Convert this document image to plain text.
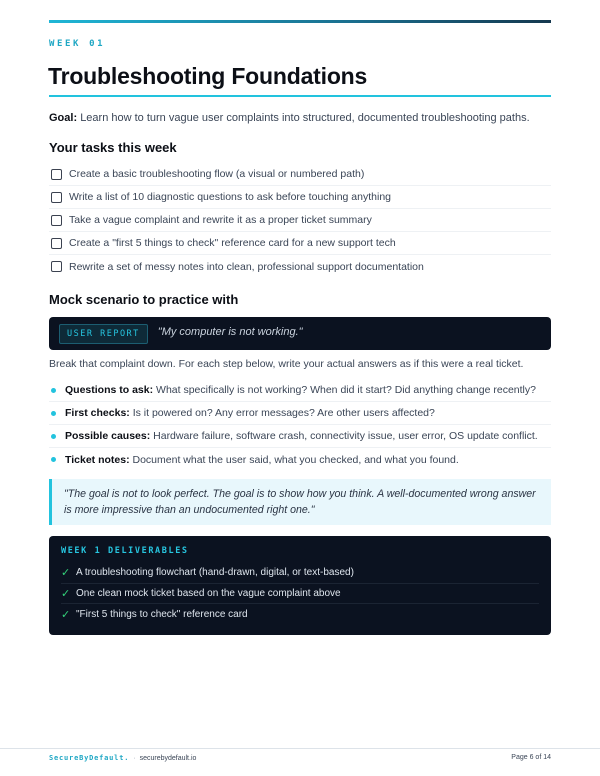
WEEK 01
Troubleshooting Foundations

Goal: Learn how to turn vague user complaints into structured, documented troubleshooting paths.

Your tasks this week
Create a basic troubleshooting flow (a visual or numbered path)
Write a list of 10 diagnostic questions to ask before touching anything
Take a vague complaint and rewrite it as a proper ticket summary
Create a "first 5 things to check" reference card for a new support tech
Rewrite a set of messy notes into clean, professional support documentation
Mock scenario to practice with
USER REPORT	"My computer is not working."

Break that complaint down. For each step below, write your actual answers as if this were a real ticket.

Questions to ask: What specifically is not working? When did it start? Did anything change recently?
First checks: Is it powered on? Any error messages? Are other users affected?
Possible causes: Hardware failure, software crash, connectivity issue, user error, OS update conflict.
Ticket notes: Document what the user said, what you checked, and what you found.
"The goal is not to look perfect. The goal is to show how you think. A well-documented wrong answer is more impressive than an undocumented right one."
WEEK 1 DELIVERABLES
✓ A troubleshooting flowchart (hand-drawn, digital, or text-based)
✓ One clean mock ticket based on the vague complaint above
✓ "First 5 things to check" reference card
SecureByDefault. · securebydefault.io	Page 6 of 14
